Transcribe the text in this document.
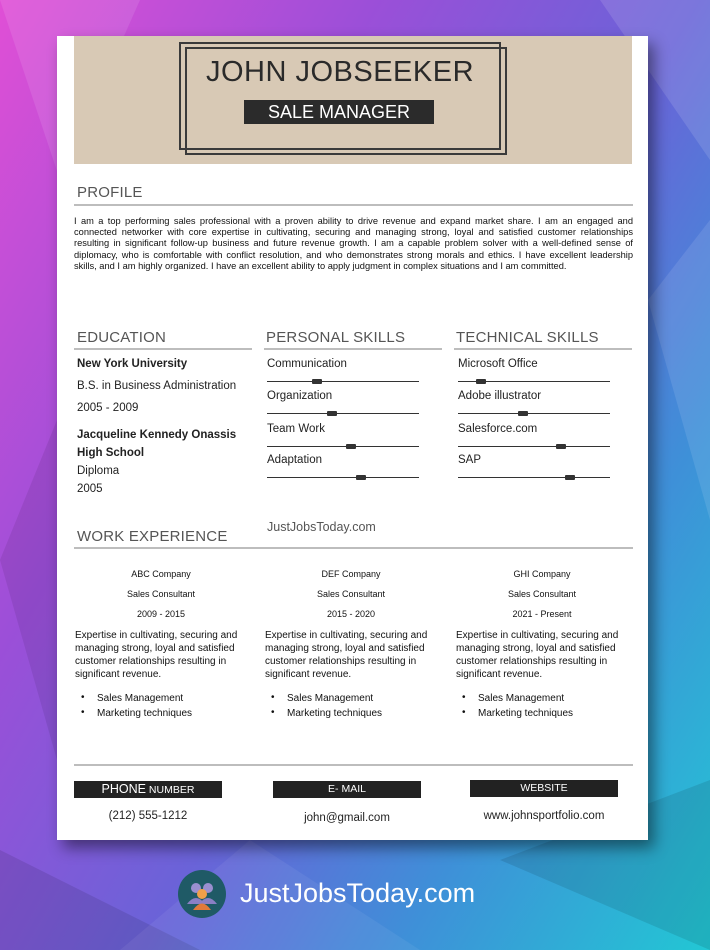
JOHN JOBSEEKER
SALE MANAGER
PROFILE
I am a top performing sales professional with a proven ability to drive revenue and expand market share. I am an engaged and connected networker with core expertise in cultivating, securing and managing strong, loyal and satisfied customer relationships resulting in significant follow-up business and future revenue growth. I am a capable problem solver with a well-defined sense of diplomacy, who is comfortable with conflict resolution, and who demonstrates strong morals and ethics. I have excellent leadership skills, and I am highly organized. I have an excellent ability to apply judgment in complex situations and I am committed.
EDUCATION
New York University
B.S. in Business Administration
2005 - 2009
Jacqueline Kennedy Onassis
High School
Diploma
2005
PERSONAL SKILLS
Communication
Organization
Team Work
Adaptation
TECHNICAL SKILLS
Microsoft Office
Adobe illustrator
Salesforce.com
SAP
JustJobsToday.com
WORK EXPERIENCE
ABC Company
Sales Consultant
2009 - 2015
Expertise in cultivating, securing and managing strong, loyal and satisfied customer relationships resulting in significant revenue.
• Sales Management
• Marketing techniques
DEF Company
Sales Consultant
2015 - 2020
Expertise in cultivating, securing and managing strong, loyal and satisfied customer relationships resulting in significant revenue.
• Sales Management
• Marketing techniques
GHI Company
Sales Consultant
2021 - Present
Expertise in cultivating, securing and managing strong, loyal and satisfied customer relationships resulting in significant revenue.
• Sales Management
• Marketing techniques
PHONE NUMBER
(212) 555-1212
E- MAIL
john@gmail.com
WEBSITE
www.johnsportfolio.com
JustJobsToday.com
